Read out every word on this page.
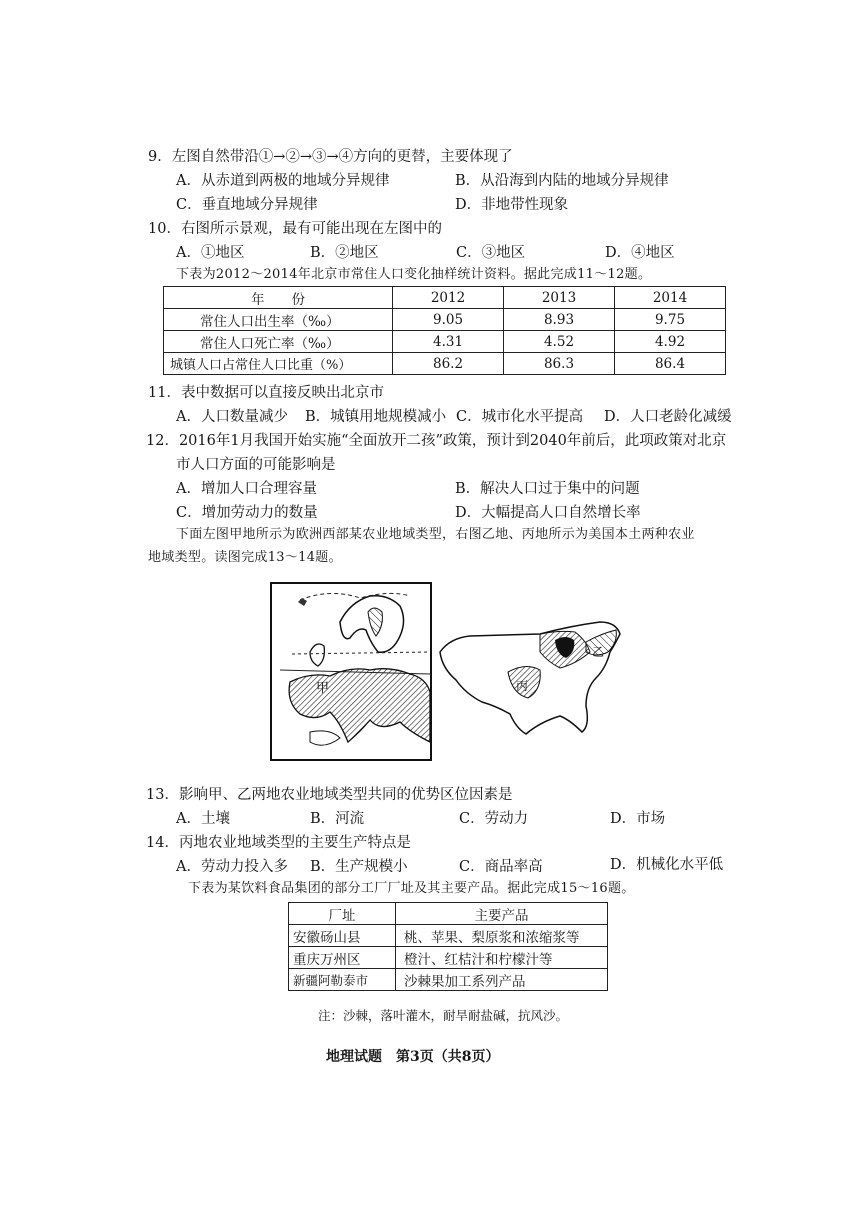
9．左图自然带沿①→②→③→④方向的更替，主要体现了
A．从赤道到两极的地域分异规律	B．从沿海到内陆的地域分异规律
C．垂直地域分异规律	D．非地带性现象
10．右图所示景观，最有可能出现在左图中的
A．①地区	B．②地区	C．③地区	D．④地区
下表为2012～2014年北京市常住人口变化抽样统计资料。据此完成11～12题。
年　　份	2012	2013	2014
常住人口出生率（‰）	9.05	8.93	9.75
常住人口死亡率（‰）	4.31	4.52	4.92
城镇人口占常住人口比重（%）	86.2	86.3	86.4
11．表中数据可以直接反映出北京市
A．人口数量减少 B．城镇用地规模减小 C．城市化水平提高 D．人口老龄化减缓
12．2016年1月我国开始实施“全面放开二孩”政策，预计到2040年前后，此项政策对北京
市人口方面的可能影响是
A．增加人口合理容量	B．解决人口过于集中的问题
C．增加劳动力的数量	D．大幅提高人口自然增长率
下面左图甲地所示为欧洲西部某农业地域类型，右图乙地、丙地所示为美国本土两种农业
地域类型。读图完成13～14题。
甲	丙
乙
13．影响甲、乙两地农业地域类型共同的优势区位因素是
A．土壤	B．河流	C．劳动力	D．市场
14．丙地农业地域类型的主要生产特点是
A．劳动力投入多 B．生产规模小	C．商品率高	D．机械化水平低
下表为某饮料食品集团的部分工厂厂址及其主要产品。据此完成15～16题。
厂址	主要产品
安徽砀山县	桃、苹果、梨原浆和浓缩浆等
重庆万州区	橙汁、红桔汁和柠檬汁等
新疆阿勒泰市	沙棘果加工系列产品
注：沙棘，落叶灌木，耐旱耐盐碱，抗风沙。
地理试题　第3页（共8页）
